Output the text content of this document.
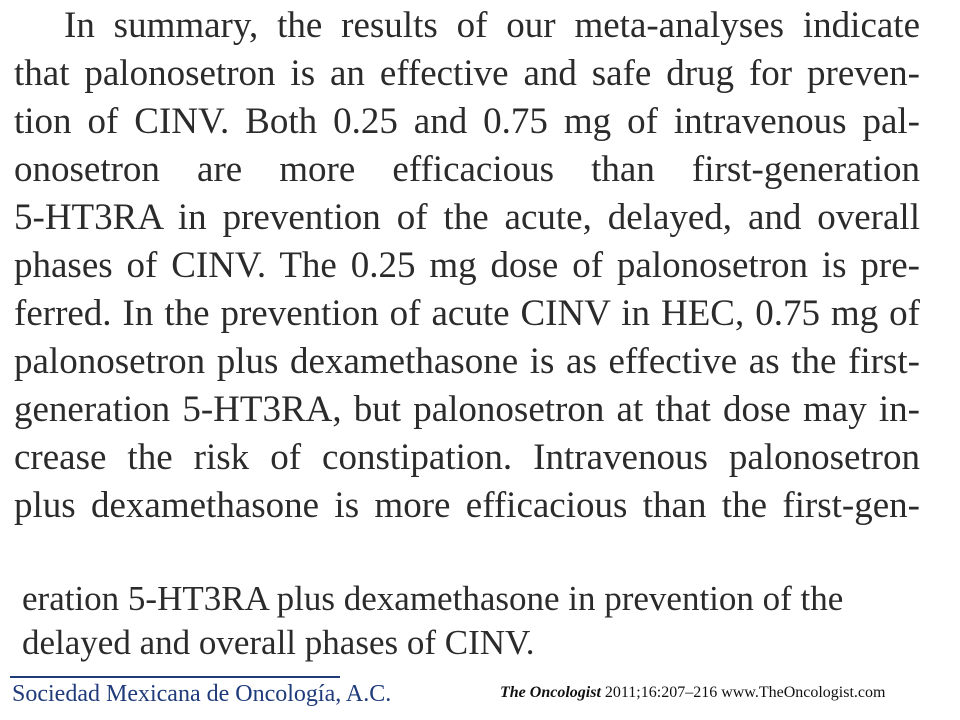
In summary, the results of our meta-analyses indicate
that palonosetron is an effective and safe drug for preven-
tion of CINV. Both 0.25 and 0.75 mg of intravenous pal-
onosetron are more efficacious than first-generation
5-HT3RA in prevention of the acute, delayed, and overall
phases of CINV. The 0.25 mg dose of palonosetron is pre-
ferred. In the prevention of acute CINV in HEC, 0.75 mg of
palonosetron plus dexamethasone is as effective as the first-
generation 5-HT3RA, but palonosetron at that dose may in-
crease the risk of constipation. Intravenous palonosetron
plus dexamethasone is more efficacious than the first-gen-
eration 5-HT3RA plus dexamethasone in prevention of the
delayed and overall phases of CINV.
Sociedad Mexicana de Oncología, A.C.	The Oncologist 2011;16:207–216 www.TheOncologist.com
